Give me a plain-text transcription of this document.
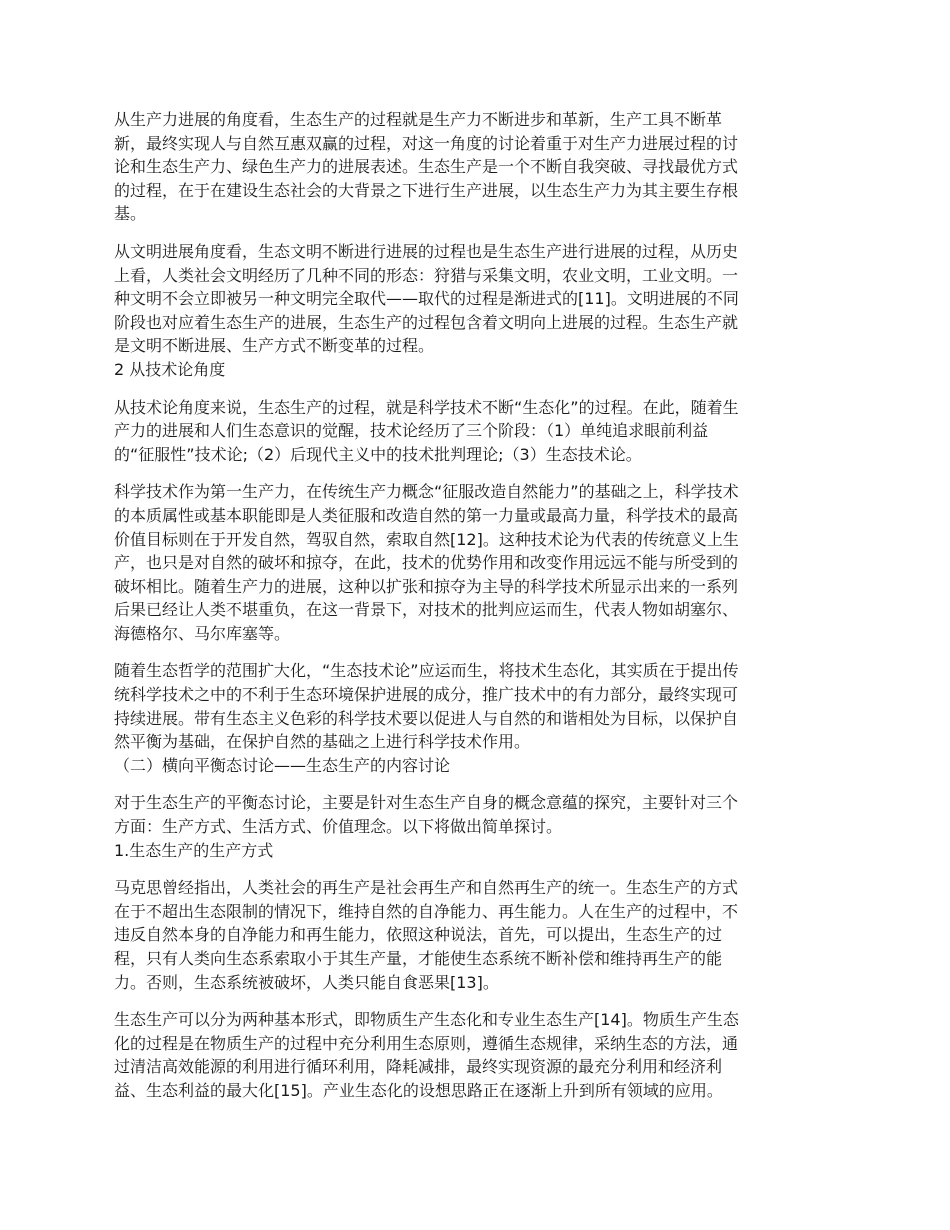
从生产力进展的角度看，生态生产的过程就是生产力不断进步和革新，生产工具不断革
新，最终实现人与自然互惠双赢的过程，对这一角度的讨论着重于对生产力进展过程的讨
论和生态生产力、绿色生产力的进展表述。生态生产是一个不断自我突破、寻找最优方式
的过程，在于在建设生态社会的大背景之下进行生产进展，以生态生产力为其主要生存根
基。

从文明进展角度看，生态文明不断进行进展的过程也是生态生产进行进展的过程，从历史
上看，人类社会文明经历了几种不同的形态：狩猎与采集文明，农业文明，工业文明。一
种文明不会立即被另一种文明完全取代——取代的过程是渐进式的[11]。文明进展的不同
阶段也对应着生态生产的进展，生态生产的过程包含着文明向上进展的过程。生态生产就
是文明不断进展、生产方式不断变革的过程。

2 从技术论角度

从技术论角度来说，生态生产的过程，就是科学技术不断“生态化”的过程。在此，随着生
产力的进展和人们生态意识的觉醒，技术论经历了三个阶段：（1）单纯追求眼前利益
的“征服性”技术论;（2）后现代主义中的技术批判理论;（3）生态技术论。

科学技术作为第一生产力，在传统生产力概念“征服改造自然能力”的基础之上，科学技术
的本质属性或基本职能即是人类征服和改造自然的第一力量或最高力量，科学技术的最高
价值目标则在于开发自然，驾驭自然，索取自然[12]。这种技术论为代表的传统意义上生
产，也只是对自然的破坏和掠夺，在此，技术的优势作用和改变作用远远不能与所受到的
破坏相比。随着生产力的进展，这种以扩张和掠夺为主导的科学技术所显示出来的一系列
后果已经让人类不堪重负，在这一背景下，对技术的批判应运而生，代表人物如胡塞尔、
海德格尔、马尔库塞等。

随着生态哲学的范围扩大化，“生态技术论”应运而生，将技术生态化，其实质在于提出传
统科学技术之中的不利于生态环境保护进展的成分，推广技术中的有力部分，最终实现可
持续进展。带有生态主义色彩的科学技术要以促进人与自然的和谐相处为目标，以保护自
然平衡为基础，在保护自然的基础之上进行科学技术作用。

（二）横向平衡态讨论——生态生产的内容讨论

对于生态生产的平衡态讨论，主要是针对生态生产自身的概念意蕴的探究，主要针对三个
方面：生产方式、生活方式、价值理念。以下将做出简单探讨。

1.生态生产的生产方式

马克思曾经指出，人类社会的再生产是社会再生产和自然再生产的统一。生态生产的方式
在于不超出生态限制的情况下，维持自然的自净能力、再生能力。人在生产的过程中，不
违反自然本身的自净能力和再生能力，依照这种说法，首先，可以提出，生态生产的过
程，只有人类向生态系索取小于其生产量，才能使生态系统不断补偿和维持再生产的能
力。否则，生态系统被破坏，人类只能自食恶果[13]。

生态生产可以分为两种基本形式，即物质生产生态化和专业生态生产[14]。物质生产生态
化的过程是在物质生产的过程中充分利用生态原则，遵循生态规律，采纳生态的方法，通
过清洁高效能源的利用进行循环利用，降耗减排，最终实现资源的最充分利用和经济利
益、生态利益的最大化[15]。产业生态化的设想思路正在逐渐上升到所有领域的应用。
